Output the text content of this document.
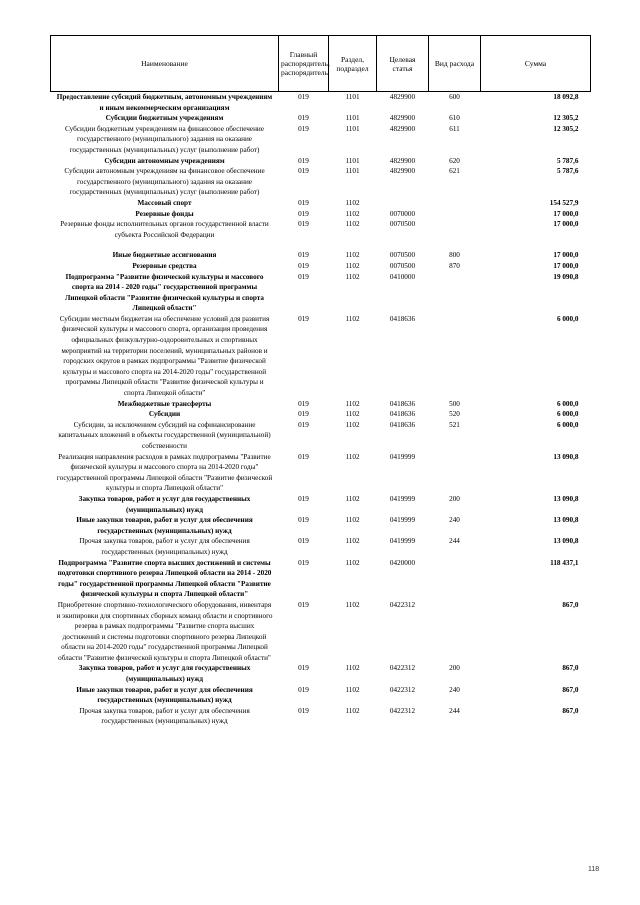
Наименование	Главный распорядитель, распорядитель	Раздел, подраздел	Целевая статья	Вид расхода	Сумма
Предоставление субсидий бюджетным, автономным учреждениям и иным некоммерческим организациям	019	1101	4829900	600	18 092,8
Субсидии бюджетным учреждениям	019	1101	4829900	610	12 305,2
Субсидии бюджетным учреждениям на финансовое обеспечение государственного (муниципального) задания на оказание государственных (муниципальных) услуг (выполнение работ)	019	1101	4829900	611	12 305,2
Субсидии автономным учреждениям	019	1101	4829900	620	5 787,6
Субсидии автономным учреждениям на финансовое обеспечение государственного (муниципального) задания на оказание государственных (муниципальных) услуг (выполнение работ)	019	1101	4829900	621	5 787,6
Массовый спорт	019	1102			154 527,9
Резервные фонды	019	1102	0070000		17 000,0
Резервные фонды исполнительных органов государственной власти субъекта Российской Федерации	019	1102	0070500		17 000,0
Иные бюджетные ассигнования	019	1102	0070500	800	17 000,0
Резервные средства	019	1102	0070500	870	17 000,0
Подпрограмма "Развитие физической культуры и массового спорта на 2014 - 2020 годы" государственной программы Липецкой области "Развитие физической культуры и спорта Липецкой области"	019	1102	0410000		19 090,8
Субсидии местным бюджетам на обеспечение условий для развития физической культуры и массового спорта, организация проведения официальных физкультурно-оздоровительных и спортивных мероприятий на территории поселений, муниципальных районов и городских округов в рамках подпрограммы "Развитие физической культуры и массового спорта на 2014-2020 годы" государственной программы Липецкой области "Развитие физической культуры и спорта Липецкой области"	019	1102	0418636		6 000,0
Межбюджетные трансферты	019	1102	0418636	500	6 000,0
Субсидии	019	1102	0418636	520	6 000,0
Субсидии, за исключением субсидий на софинансирование капитальных вложений в объекты государственной (муниципальной) собственности	019	1102	0418636	521	6 000,0
Реализация направления расходов в рамках подпрограммы "Развитие физической культуры и массового спорта на 2014-2020 годы" государственной программы Липецкой области "Развитие физической культуры и спорта Липецкой области"	019	1102	0419999		13 090,8
Закупка товаров, работ и услуг для государственных (муниципальных) нужд	019	1102	0419999	200	13 090,8
Иные закупки товаров, работ и услуг для обеспечения государственных (муниципальных) нужд	019	1102	0419999	240	13 090,8
Прочая закупка товаров, работ и услуг для обеспечения государственных (муниципальных) нужд	019	1102	0419999	244	13 090,8
Подпрограмма "Развитие спорта высших достижений и системы подготовки спортивного резерва Липецкой области на 2014 - 2020 годы" государственной программы Липецкой области "Развитие физической культуры и спорта Липецкой области"	019	1102	0420000		118 437,1
Приобретение спортивно-технологического оборудования, инвентаря и экипировки для спортивных сборных команд области и спортивного резерва в рамках подпрограммы "Развитие спорта высших достижений и системы подготовки спортивного резерва Липецкой области на 2014-2020 годы" государственной программы Липецкой области "Развитие физической культуры и спорта Липецкой области"	019	1102	0422312		867,0
Закупка товаров, работ и услуг для государственных (муниципальных) нужд	019	1102	0422312	200	867,0
Иные закупки товаров, работ и услуг для обеспечения государственных (муниципальных) нужд	019	1102	0422312	240	867,0
Прочая закупка товаров, работ и услуг для обеспечения государственных (муниципальных) нужд	019	1102	0422312	244	867,0
118
